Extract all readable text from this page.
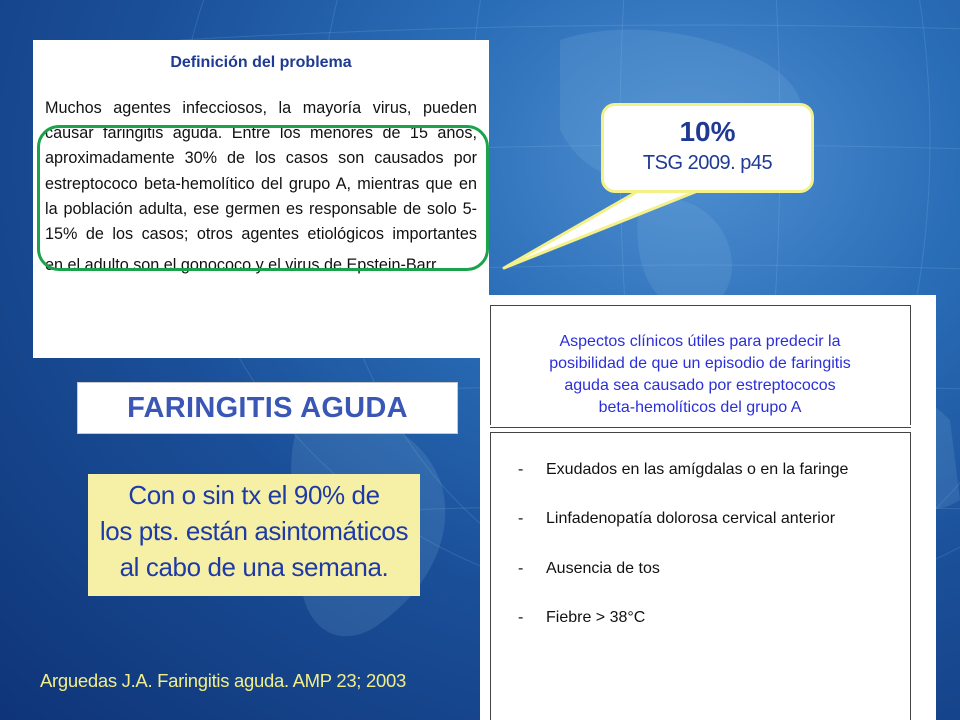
Definición del problema

Muchos agentes infecciosos, la mayoría virus, pueden causar faringitis aguda. Entre los menores de 15 años, aproximadamente 30% de los casos son causados por estreptococo beta-hemolítico del grupo A, mientras que en la población adulta, ese germen es responsable de solo 5-15% de los casos; otros agentes etiológicos importantes

en el adulto son el gonococo y el virus de Epstein-Barr.

10%
TSG 2009. p45
FARINGITIS AGUDA
Con o sin tx el 90% de
los pts. están asintomáticos
al cabo de una semana.
Arguedas J.A. Faringitis aguda. AMP 23; 2003
Aspectos clínicos útiles para predecir la
posibilidad de que un episodio de faringitis
aguda sea causado por estreptococos
beta-hemolíticos del grupo A
- Exudados en las amígdalas o en la faringe
- Linfadenopatía dolorosa cervical anterior
- Ausencia de tos
- Fiebre > 38°C
